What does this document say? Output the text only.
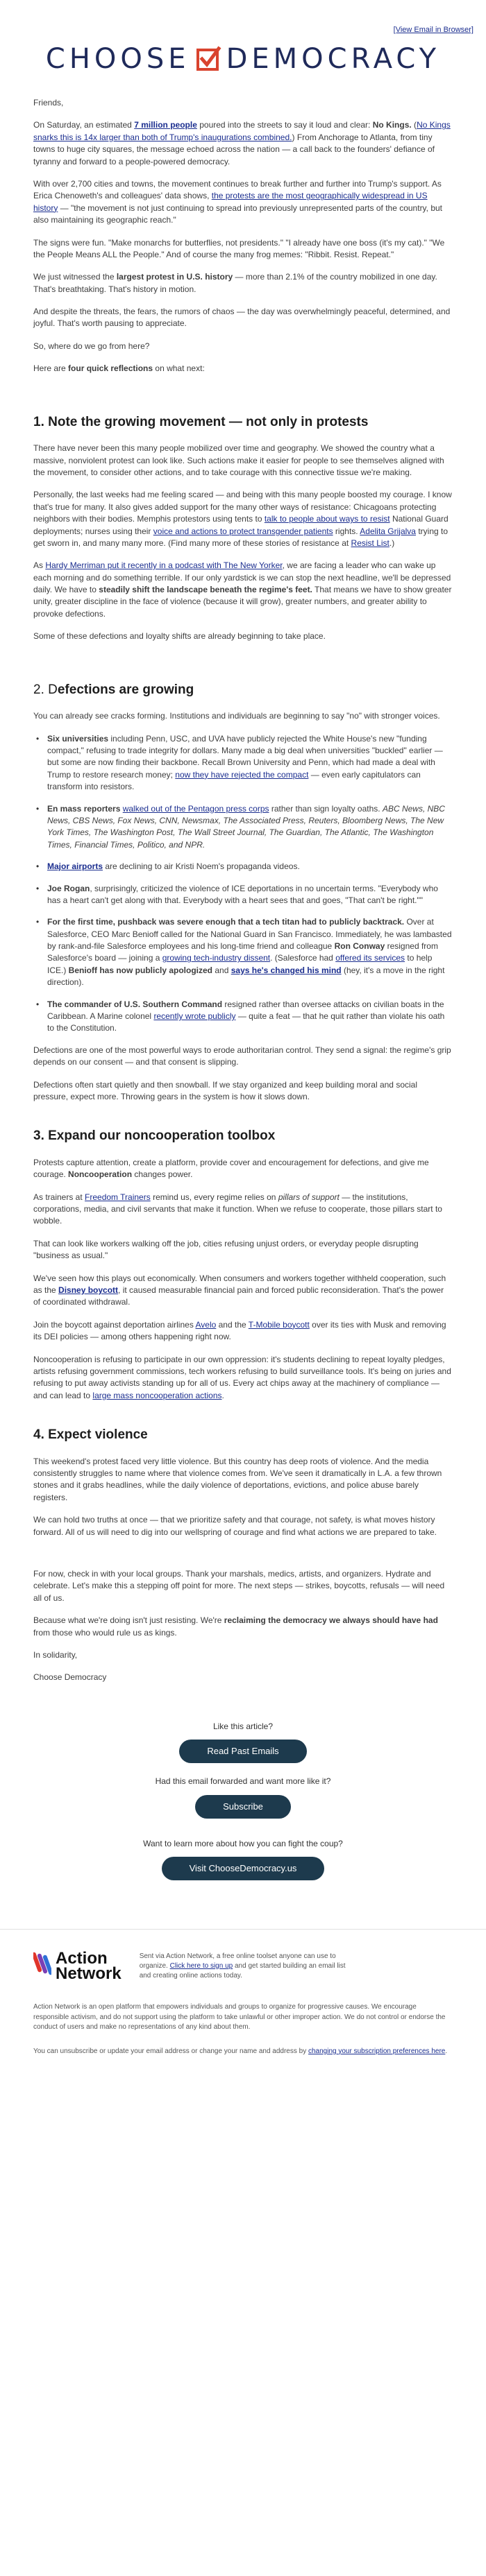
[View Email in Browser]
CHOOSE DEMOCRACY

Friends,

On Saturday, an estimated 7 million people poured into the streets to say it loud and clear: No Kings. (No Kings snarks this is 14x larger than both of Trump's inaugurations combined.) From Anchorage to Atlanta, from tiny towns to huge city squares, the message echoed across the nation — a call back to the founders' defiance of tyranny and forward to a people-powered democracy.

With over 2,700 cities and towns, the movement continues to break further and further into Trump's support. As Erica Chenoweth's and colleagues' data shows, the protests are the most geographically widespread in US history — "the movement is not just continuing to spread into previously unrepresented parts of the country, but also maintaining its geographic reach."

The signs were fun. "Make monarchs for butterflies, not presidents." "I already have one boss (it's my cat)." "We the People Means ALL the People." And of course the many frog memes: "Ribbit. Resist. Repeat."

We just witnessed the largest protest in U.S. history — more than 2.1% of the country mobilized in one day. That's breathtaking. That's history in motion.

And despite the threats, the fears, the rumors of chaos — the day was overwhelmingly peaceful, determined, and joyful. That's worth pausing to appreciate.

So, where do we go from here?

Here are four quick reflections on what next:

1. Note the growing movement — not only in protests

There have never been this many people mobilized over time and geography. We showed the country what a massive, nonviolent protest can look like. Such actions make it easier for people to see themselves aligned with the movement, to consider other actions, and to take courage with this connective tissue we're making.

Personally, the last weeks had me feeling scared — and being with this many people boosted my courage. I know that's true for many. It also gives added support for the many other ways of resistance: Chicagoans protecting neighbors with their bodies. Memphis protestors using tents to talk to people about ways to resist National Guard deployments; nurses using their voice and actions to protect transgender patients rights. Adelita Grijalva trying to get sworn in, and many many more. (Find many more of these stories of resistance at Resist List.)

As Hardy Merriman put it recently in a podcast with The New Yorker, we are facing a leader who can wake up each morning and do something terrible. If our only yardstick is we can stop the next headline, we'll be depressed daily. We have to steadily shift the landscape beneath the regime's feet. That means we have to show greater unity, greater discipline in the face of violence (because it will grow), greater numbers, and greater ability to provoke defections.

Some of these defections and loyalty shifts are already beginning to take place.

2. Defections are growing

You can already see cracks forming. Institutions and individuals are beginning to say "no" with stronger voices.

• Six universities including Penn, USC, and UVA have publicly rejected the White House's new "funding compact," refusing to trade integrity for dollars. Many made a big deal when universities "buckled" earlier — but some are now finding their backbone. Recall Brown University and Penn, which had made a deal with Trump to restore research money; now they have rejected the compact — even early capitulators can transform into resistors.
• En mass reporters walked out of the Pentagon press corps rather than sign loyalty oaths. ABC News, NBC News, CBS News, Fox News, CNN, Newsmax, The Associated Press, Reuters, Bloomberg News, The New York Times, The Washington Post, The Wall Street Journal, The Guardian, The Atlantic, The Washington Times, Financial Times, Politico, and NPR.
• Major airports are declining to air Kristi Noem's propaganda videos.
• Joe Rogan, surprisingly, criticized the violence of ICE deportations in no uncertain terms. "Everybody who has a heart can't get along with that. Everybody with a heart sees that and goes, "That can't be right.""
• For the first time, pushback was severe enough that a tech titan had to publicly backtrack. Over at Salesforce, CEO Marc Benioff called for the National Guard in San Francisco. Immediately, he was lambasted by rank-and-file Salesforce employees and his long-time friend and colleague Ron Conway resigned from Salesforce's board — joining a growing tech-industry dissent. (Salesforce had offered its services to help ICE.) Benioff has now publicly apologized and says he's changed his mind (hey, it's a move in the right direction).
• The commander of U.S. Southern Command resigned rather than oversee attacks on civilian boats in the Caribbean. A Marine colonel recently wrote publicly — quite a feat — that he quit rather than violate his oath to the Constitution.

Defections are one of the most powerful ways to erode authoritarian control. They send a signal: the regime's grip depends on our consent — and that consent is slipping.

Defections often start quietly and then snowball. If we stay organized and keep building moral and social pressure, expect more. Throwing gears in the system is how it slows down.

3. Expand our noncooperation toolbox

Protests capture attention, create a platform, provide cover and encouragement for defections, and give me courage. Noncooperation changes power.

As trainers at Freedom Trainers remind us, every regime relies on pillars of support — the institutions, corporations, media, and civil servants that make it function. When we refuse to cooperate, those pillars start to wobble.

That can look like workers walking off the job, cities refusing unjust orders, or everyday people disrupting "business as usual."

We've seen how this plays out economically. When consumers and workers together withheld cooperation, such as the Disney boycott, it caused measurable financial pain and forced public reconsideration. That's the power of coordinated withdrawal.

Join the boycott against deportation airlines Avelo and the T-Mobile boycott over its ties with Musk and removing its DEI policies — among others happening right now.

Noncooperation is refusing to participate in our own oppression: it's students declining to repeat loyalty pledges, artists refusing government commissions, tech workers refusing to build surveillance tools. It's being on juries and refusing to put away activists standing up for all of us. Every act chips away at the machinery of compliance — and can lead to large mass noncooperation actions.

4. Expect violence

This weekend's protest faced very little violence. But this country has deep roots of violence. And the media consistently struggles to name where that violence comes from. We've seen it dramatically in L.A. a few thrown stones and it grabs headlines, while the daily violence of deportations, evictions, and police abuse barely registers.

We can hold two truths at once — that we prioritize safety and that courage, not safety, is what moves history forward. All of us will need to dig into our wellspring of courage and find what actions we are prepared to take.

For now, check in with your local groups. Thank your marshals, medics, artists, and organizers. Hydrate and celebrate. Let's make this a stepping off point for more. The next steps — strikes, boycotts, refusals — will need all of us.

Because what we're doing isn't just resisting. We're reclaiming the democracy we always should have had from those who would rule us as kings.

In solidarity,

Choose Democracy

Like this article?
Read Past Emails
Had this email forwarded and want more like it?
Subscribe
Want to learn more about how you can fight the coup?
Visit ChooseDemocracy.us
Action
Network
Sent via Action Network, a free online toolset anyone can use to organize. Click here to sign up and get started building an email list and creating online actions today.

Action Network is an open platform that empowers individuals and groups to organize for progressive causes. We encourage responsible activism, and do not support using the platform to take unlawful or other improper action. We do not control or endorse the conduct of users and make no representations of any kind about them.

You can unsubscribe or update your email address or change your name and address by changing your subscription preferences here.
